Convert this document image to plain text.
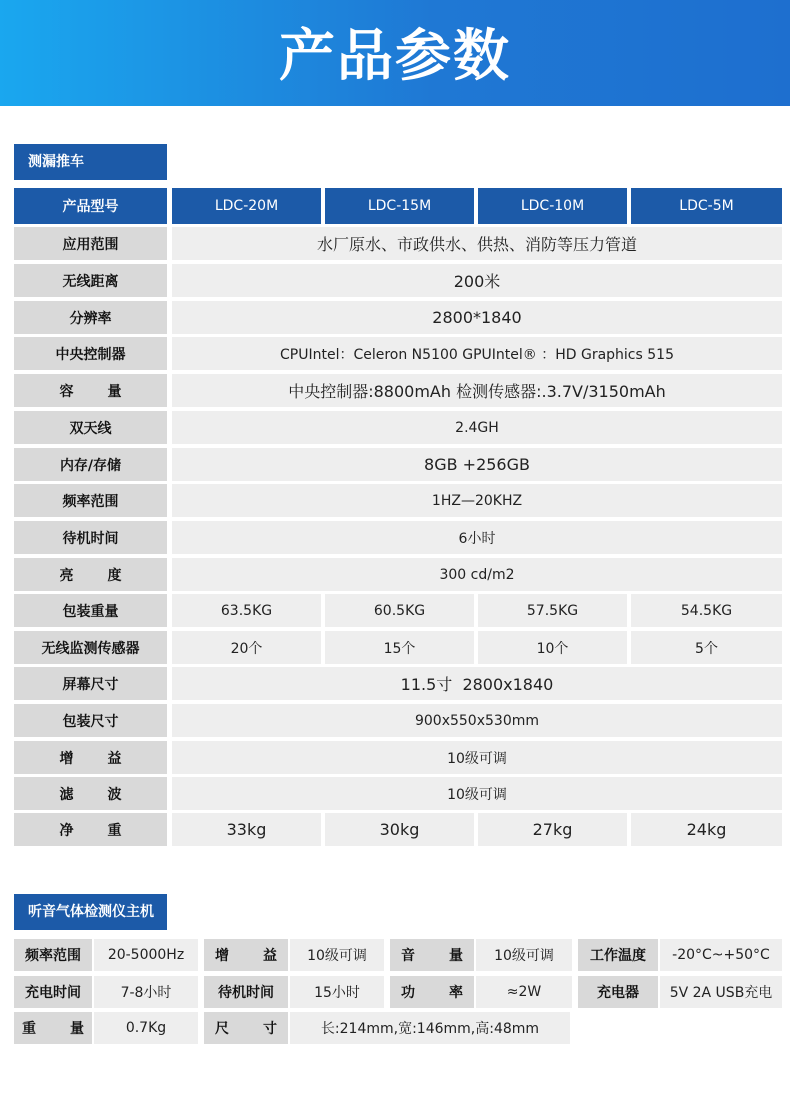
产品参数
测漏推车
产品型号	LDC-20M	LDC-15M	LDC-10M	LDC-5M
应用范围	水厂原水、市政供水、供热、消防等压力管道
无线距离	200米
分辨率	2800*1840
中央控制器	CPUIntel：Celeron N5100 GPUIntel® ：HD Graphics 515
容       量	中央控制器:8800mAh 检测传感器:.3.7V/3150mAh
双天线	2.4GH
内存/存储	8GB +256GB
频率范围	1HZ—20KHZ
待机时间	6小时
亮       度	300 cd/m2
包装重量	63.5KG	60.5KG	57.5KG	54.5KG
无线监测传感器	20个	15个	10个	5个
屏幕尺寸	11.5寸  2800x1840
包装尺寸	900x550x530mm
增       益	10级可调
滤       波	10级可调
净       重	33kg	30kg	27kg	24kg
听音气体检测仪主机
频率范围	20-5000Hz	增       益	10级可调	音       量	10级可调	工作温度	-20°C~+50°C
充电时间	7-8小时	待机时间	15小时	功       率	≈2W	充电器	5V 2A USB充电
重       量	0.7Kg	尺       寸	长:214mm,宽:146mm,高:48mm
